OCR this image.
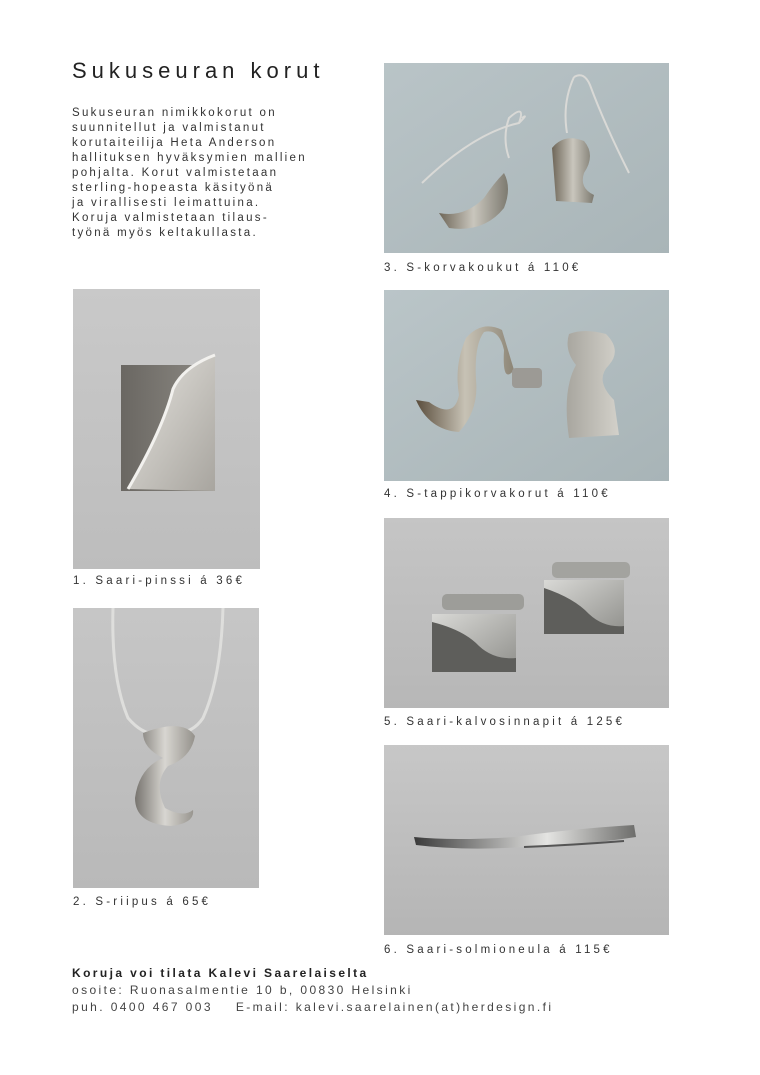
Sukuseuran korut
Sukuseuran nimikkokorut on
suunnitellut ja valmistanut
korutaiteilija Heta Anderson
hallituksen hyväksymien mallien
pohjalta. Korut valmistetaan
sterling-hopeasta käsityönä
ja virallisesti leimattuina.
Koruja valmistetaan tilaus-
työnä myös keltakullasta.
3. S-korvakoukut á 110€
1. Saari-pinssi á 36€
4. S-tappikorvakorut á 110€
5. Saari-kalvosinnapit á 125€
2. S-riipus á 65€
6. Saari-solmioneula á 115€
Koruja voi tilata Kalevi Saarelaiselta
osoite: Ruonasalmentie 10 b, 00830 Helsinki
puh. 0400 467 003    E-mail: kalevi.saarelainen(at)herdesign.fi
